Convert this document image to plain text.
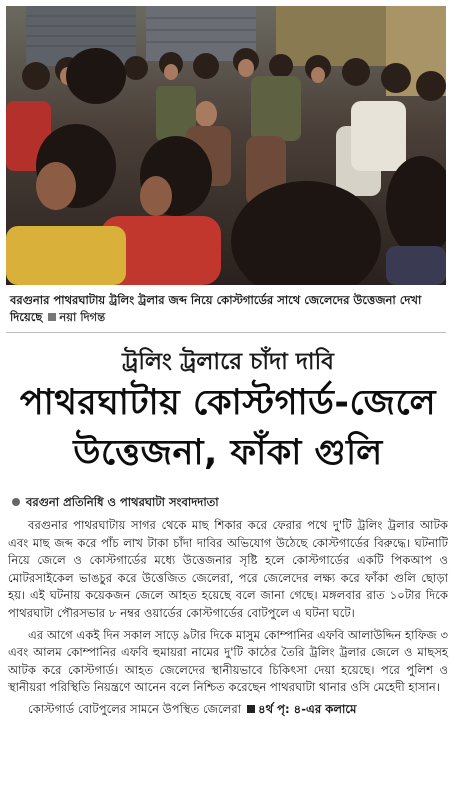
বরগুনার পাথরঘাটায় ট্রলিং ট্রলার জব্দ নিয়ে কোস্টগার্ডের সাথে জেলেদের উত্তেজনা দেখা দিয়েছে নয়া দিগন্ত
ট্রলিং ট্রলারে চাঁদা দাবি
পাথরঘাটায় কোস্টগার্ড-জেলে
উত্তেজনা, ফাঁকা গুলি
বরগুনা প্রতিনিধি ও পাথরঘাটা সংবাদদাতা

বরগুনার পাথরঘাটায় সাগর থেকে মাছ শিকার করে ফেরার পথে দু'টি ট্রলিং ট্রলার আটক এবং মাছ জব্দ করে পাঁচ লাখ টাকা চাঁদা দাবির অভিযোগ উঠেছে কোস্টগার্ডের বিরুদ্ধে। ঘটনাটি নিয়ে জেলে ও কোস্টগার্ডের মধ্যে উত্তেজনার সৃষ্টি হলে কোস্টগার্ডের একটি পিকআপ ও মোটরসাইকেল ভাঙচুর করে উত্তেজিত জেলেরা, পরে জেলেদের লক্ষ্য করে ফাঁকা গুলি ছোড়া হয়। এই ঘটনায় কয়েকজন জেলে আহত হয়েছে বলে জানা গেছে। মঙ্গলবার রাত ১০টার দিকে পাথরঘাটা পৌরসভার ৮ নম্বর ওয়ার্ডের কোস্টগার্ডের বোটপুলে এ ঘটনা ঘটে।

এর আগে একই দিন সকাল সাড়ে ৯টার দিকে মাসুম কোম্পানির এফবি আলাউদ্দিন হাফিজ ৩ এবং আলম কোম্পানির এফবি হুমায়রা নামের দু'টি কাঠের তৈরি ট্রলিং ট্রলার জেলে ও মাছসহ আটক করে কোস্টগার্ড। আহত জেলেদের স্থানীয়ভাবে চিকিৎসা দেয়া হয়েছে। পরে পুলিশ ও স্থানীয়রা পরিস্থিতি নিয়ন্ত্রণে আনেন বলে নিশ্চিত করেছেন পাথরঘাটা থানার ওসি মেহেদী হাসান।

কোস্টগার্ড বোটপুলের সামনে উপস্থিত জেলেরা ৪র্থ পৃ: ৪-এর কলামে
